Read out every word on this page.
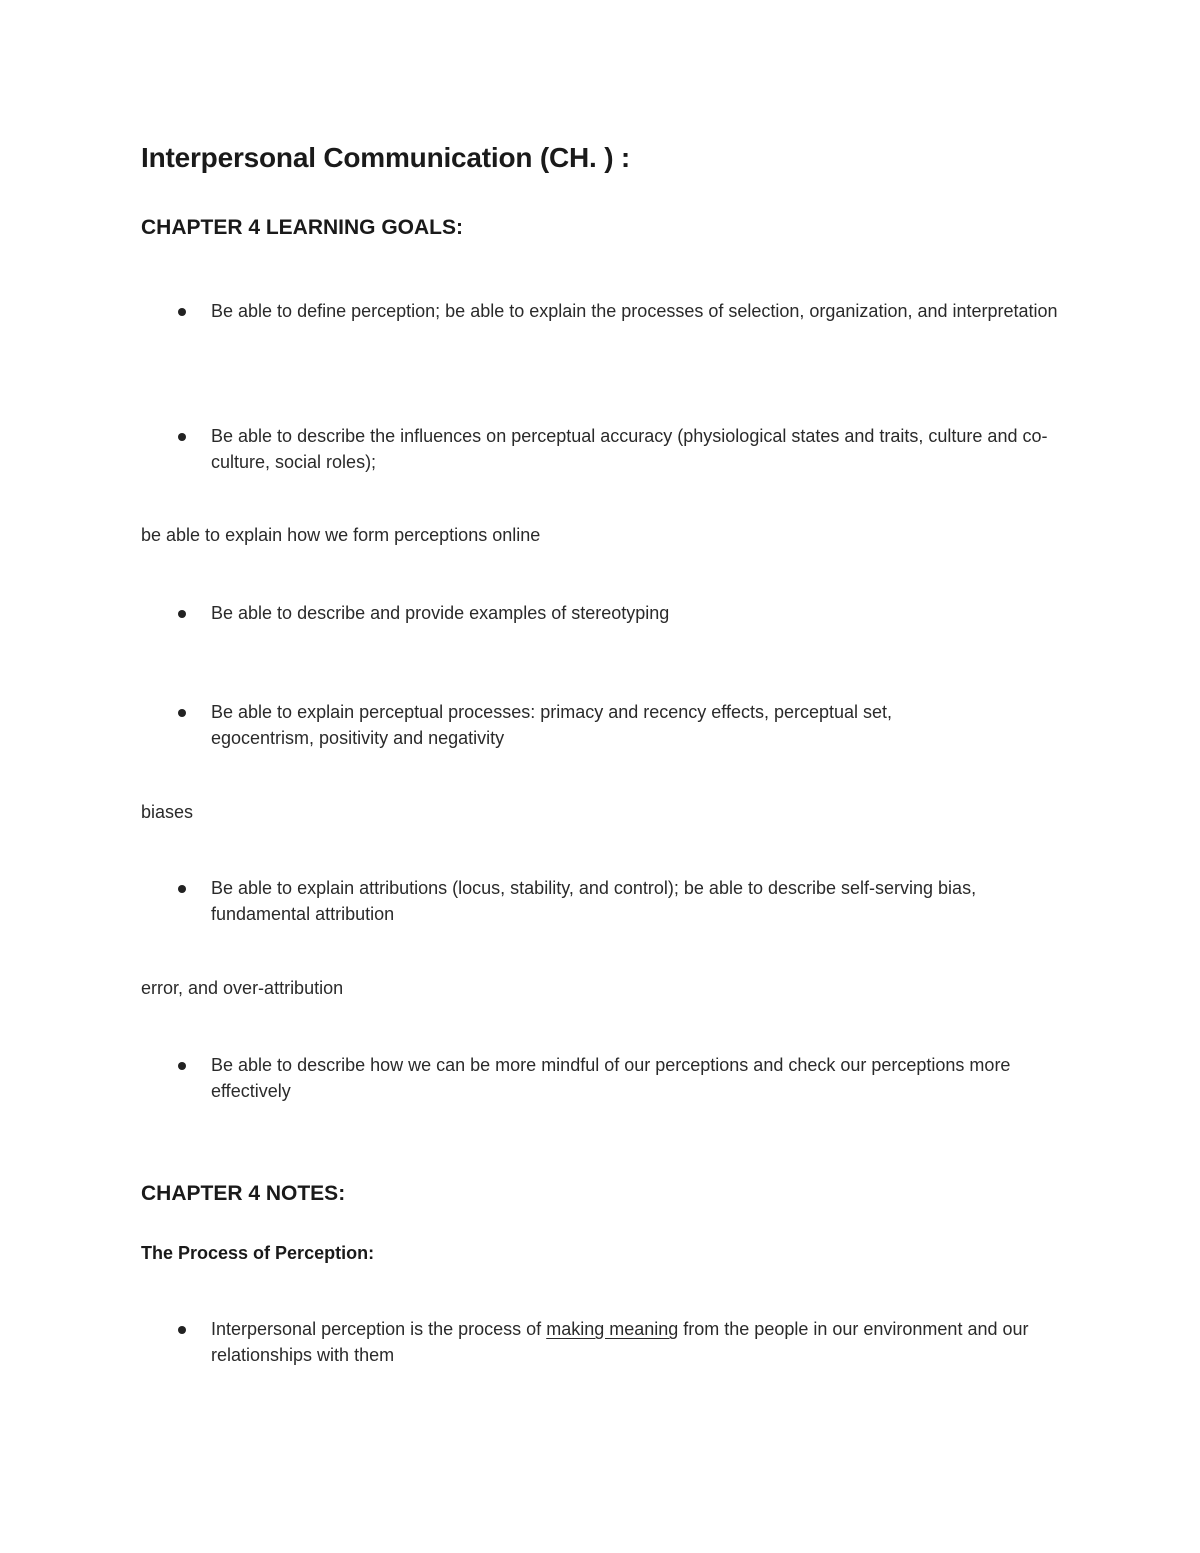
Interpersonal Communication (CH. ) :
CHAPTER 4 LEARNING GOALS:
Be able to define perception; be able to explain the processes of selection, organization, and interpretation
Be able to describe the influences on perceptual accuracy (physiological states and traits, culture and co-culture, social roles);

be able to explain how we form perceptions online

Be able to describe and provide examples of stereotyping
Be able to explain perceptual processes: primacy and recency effects, perceptual set, egocentrism, positivity and negativity

biases

Be able to explain attributions (locus, stability, and control); be able to describe self-serving bias, fundamental attribution

error, and over-attribution

Be able to describe how we can be more mindful of our perceptions and check our perceptions more effectively
CHAPTER 4 NOTES:
The Process of Perception:
Interpersonal perception is the process of making meaning from the people in our environment and our relationships with them
